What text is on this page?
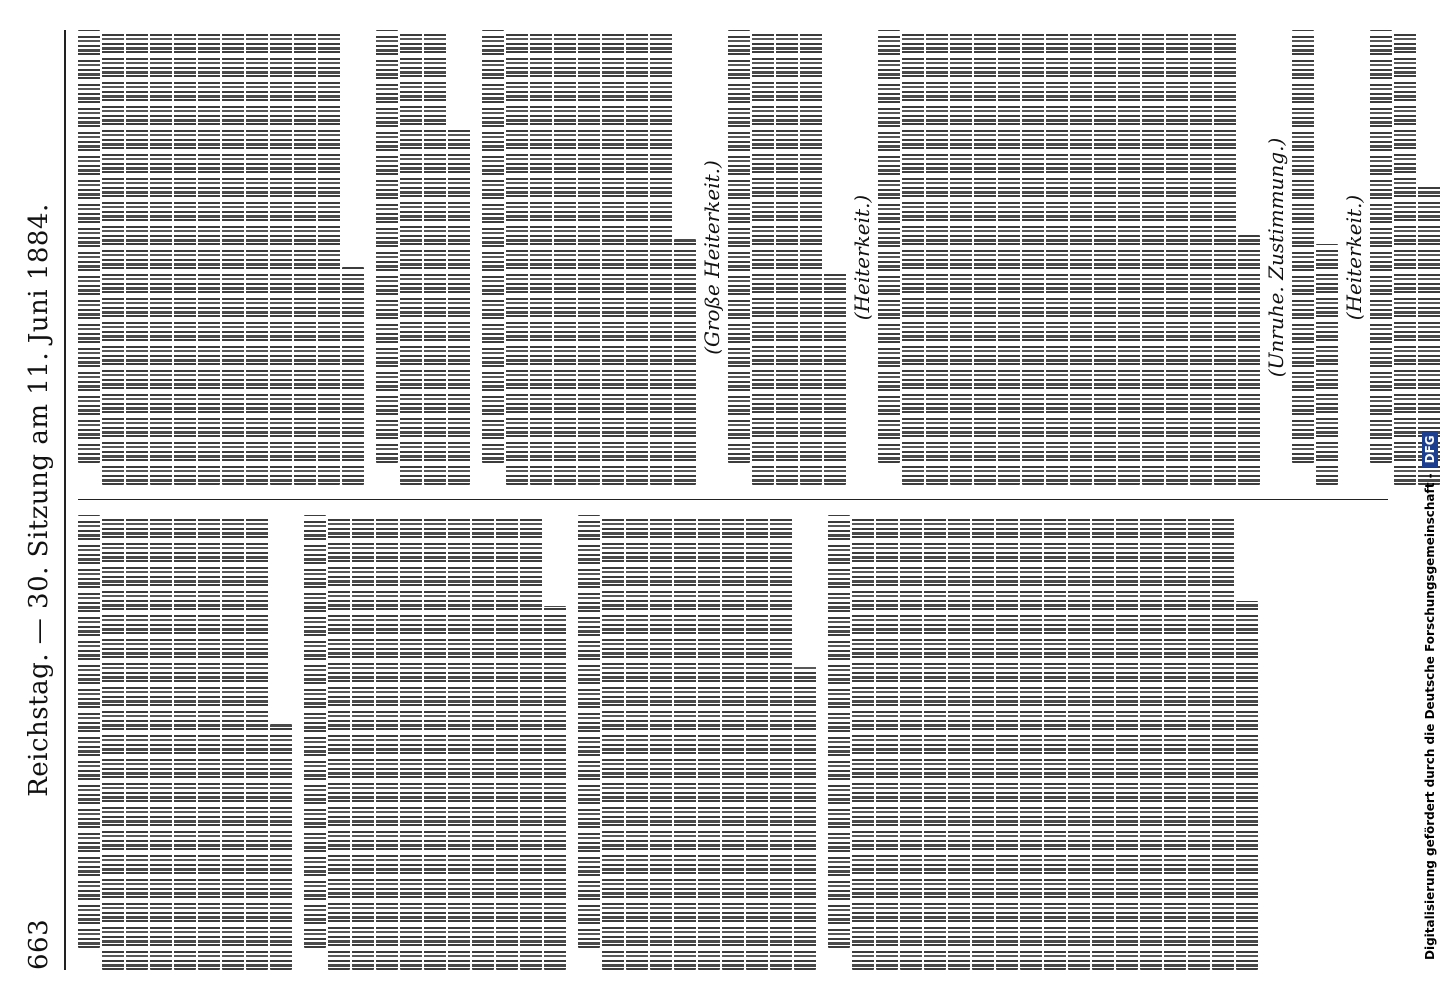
663
Reichstag. — 30. Sitzung am 11. Juni 1884.	(Große Heiterkeit.)	(Heiterkeit.)	(Unruhe. Zustimmung.)	(Heiterkeit.)
Digitalisierung gefördert durch die Deutsche Forschungsgemeinschaft -DFG
